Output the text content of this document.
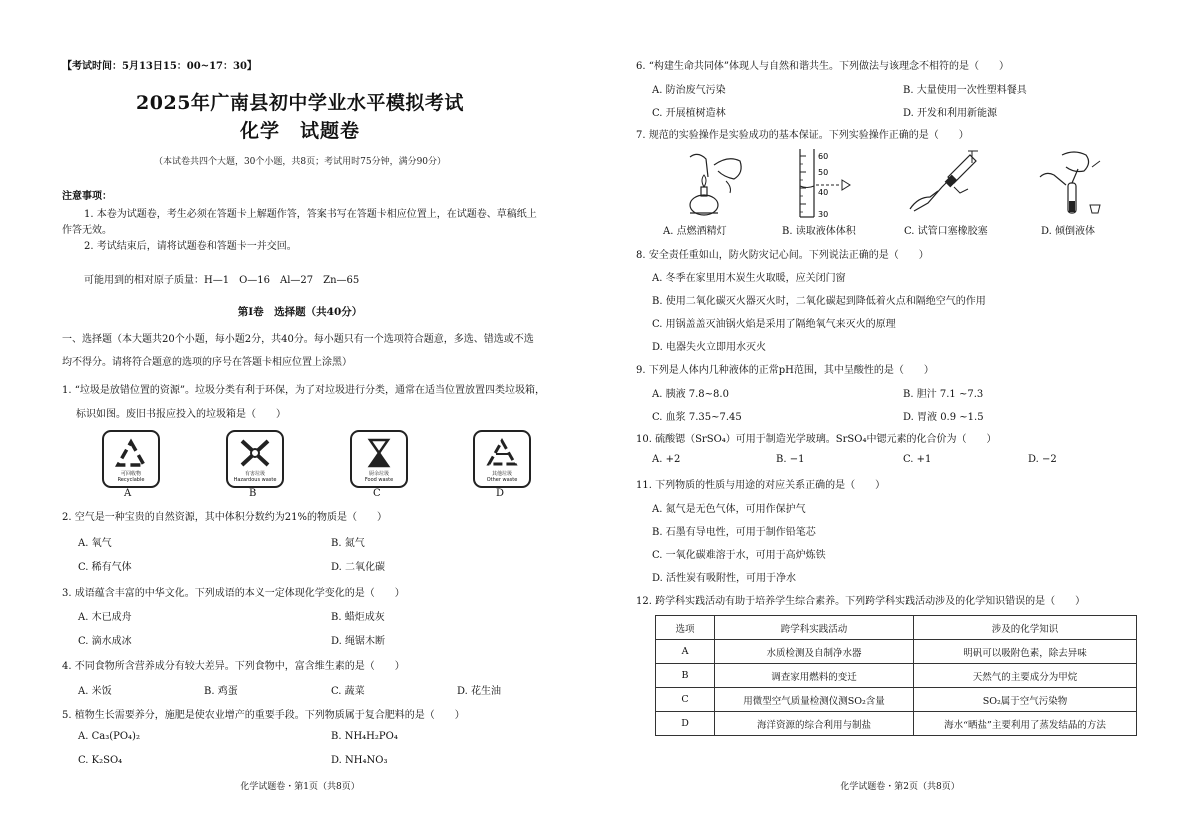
【考试时间：5月13日15：00~17：30】
2025年广南县初中学业水平模拟考试
化学　试题卷
（本试卷共四个大题，30个小题，共8页；考试用时75分钟，满分90分）
注意事项：
1. 本卷为试题卷，考生必须在答题卡上解题作答，答案书写在答题卡相应位置上，在试题卷、草稿纸上
作答无效。
2. 考试结束后，请将试题卷和答题卡一并交回。
可能用到的相对原子质量：H—1　O—16　Al—27　Zn—65
第Ⅰ卷　选择题（共40分）
一、选择题（本大题共20个小题，每小题2分，共40分。每小题只有一个选项符合题意，多选、错选或不选
均不得分。请将符合题意的选项的序号在答题卡相应位置上涂黑）
1. “垃圾是放错位置的资源”。垃圾分类有利于环保，为了对垃圾进行分类，通常在适当位置放置四类垃圾箱，
标识如图。废旧书报应投入的垃圾箱是（　　）
可回收物
Recyclable
有害垃圾
Hazardous waste
厨余垃圾
Food waste
其他垃圾
Other waste
A	B	C	D
2. 空气是一种宝贵的自然资源，其中体积分数约为21%的物质是（　　）
A. 氧气	B. 氮气
C. 稀有气体	D. 二氧化碳
3. 成语蕴含丰富的中华文化。下列成语的本义一定体现化学变化的是（　　）
A. 木已成舟	B. 蜡炬成灰
C. 滴水成冰	D. 绳锯木断
4. 不同食物所含营养成分有较大差异。下列食物中，富含维生素的是（　　）
A. 米饭	B. 鸡蛋	C. 蔬菜	D. 花生油
5. 植物生长需要养分，施肥是使农业增产的重要手段。下列物质属于复合肥料的是（　　）
A. Ca₃(PO₄)₂	B. NH₄H₂PO₄
C. K₂SO₄	D. NH₄NO₃
化学试题卷・第1页（共8页）
6. “构建生命共同体”体现人与自然和谐共生。下列做法与该理念不相符的是（　　）
A. 防治废气污染	B. 大量使用一次性塑料餐具
C. 开展植树造林	D. 开发和利用新能源
7. 规范的实验操作是实验成功的基本保证。下列实验操作正确的是（　　）
60
50
40
30
A. 点燃酒精灯	B. 读取液体体积	C. 试管口塞橡胶塞	D. 倾倒液体
8. 安全责任重如山，防火防灾记心间。下列说法正确的是（　　）
A. 冬季在家里用木炭生火取暖，应关闭门窗
B. 使用二氧化碳灭火器灭火时，二氧化碳起到降低着火点和隔绝空气的作用
C. 用锅盖盖灭油锅火焰是采用了隔绝氧气来灭火的原理
D. 电器失火立即用水灭火
9. 下列是人体内几种液体的正常pH范围，其中呈酸性的是（　　）
A. 胰液 7.8~8.0	B. 胆汁 7.1 ~7.3
C. 血浆 7.35~7.45	D. 胃液 0.9 ~1.5
10. 硫酸锶（SrSO₄）可用于制造光学玻璃。SrSO₄中锶元素的化合价为（　　）
A. +2	B. −1	C. +1	D. −2
11. 下列物质的性质与用途的对应关系正确的是（　　）
A. 氮气是无色气体，可用作保护气
B. 石墨有导电性，可用于制作铅笔芯
C. 一氧化碳难溶于水，可用于高炉炼铁
D. 活性炭有吸附性，可用于净水
12. 跨学科实践活动有助于培养学生综合素养。下列跨学科实践活动涉及的化学知识错误的是（　　）
化学试题卷・第2页（共8页）
选项	跨学科实践活动	涉及的化学知识
A	水质检测及自制净水器	明矾可以吸附色素，除去异味
B	调查家用燃料的变迁	天然气的主要成分为甲烷
C	用微型空气质量检测仪测SO₂含量	SO₂属于空气污染物
D	海洋资源的综合利用与制盐	海水“晒盐”主要利用了蒸发结晶的方法
